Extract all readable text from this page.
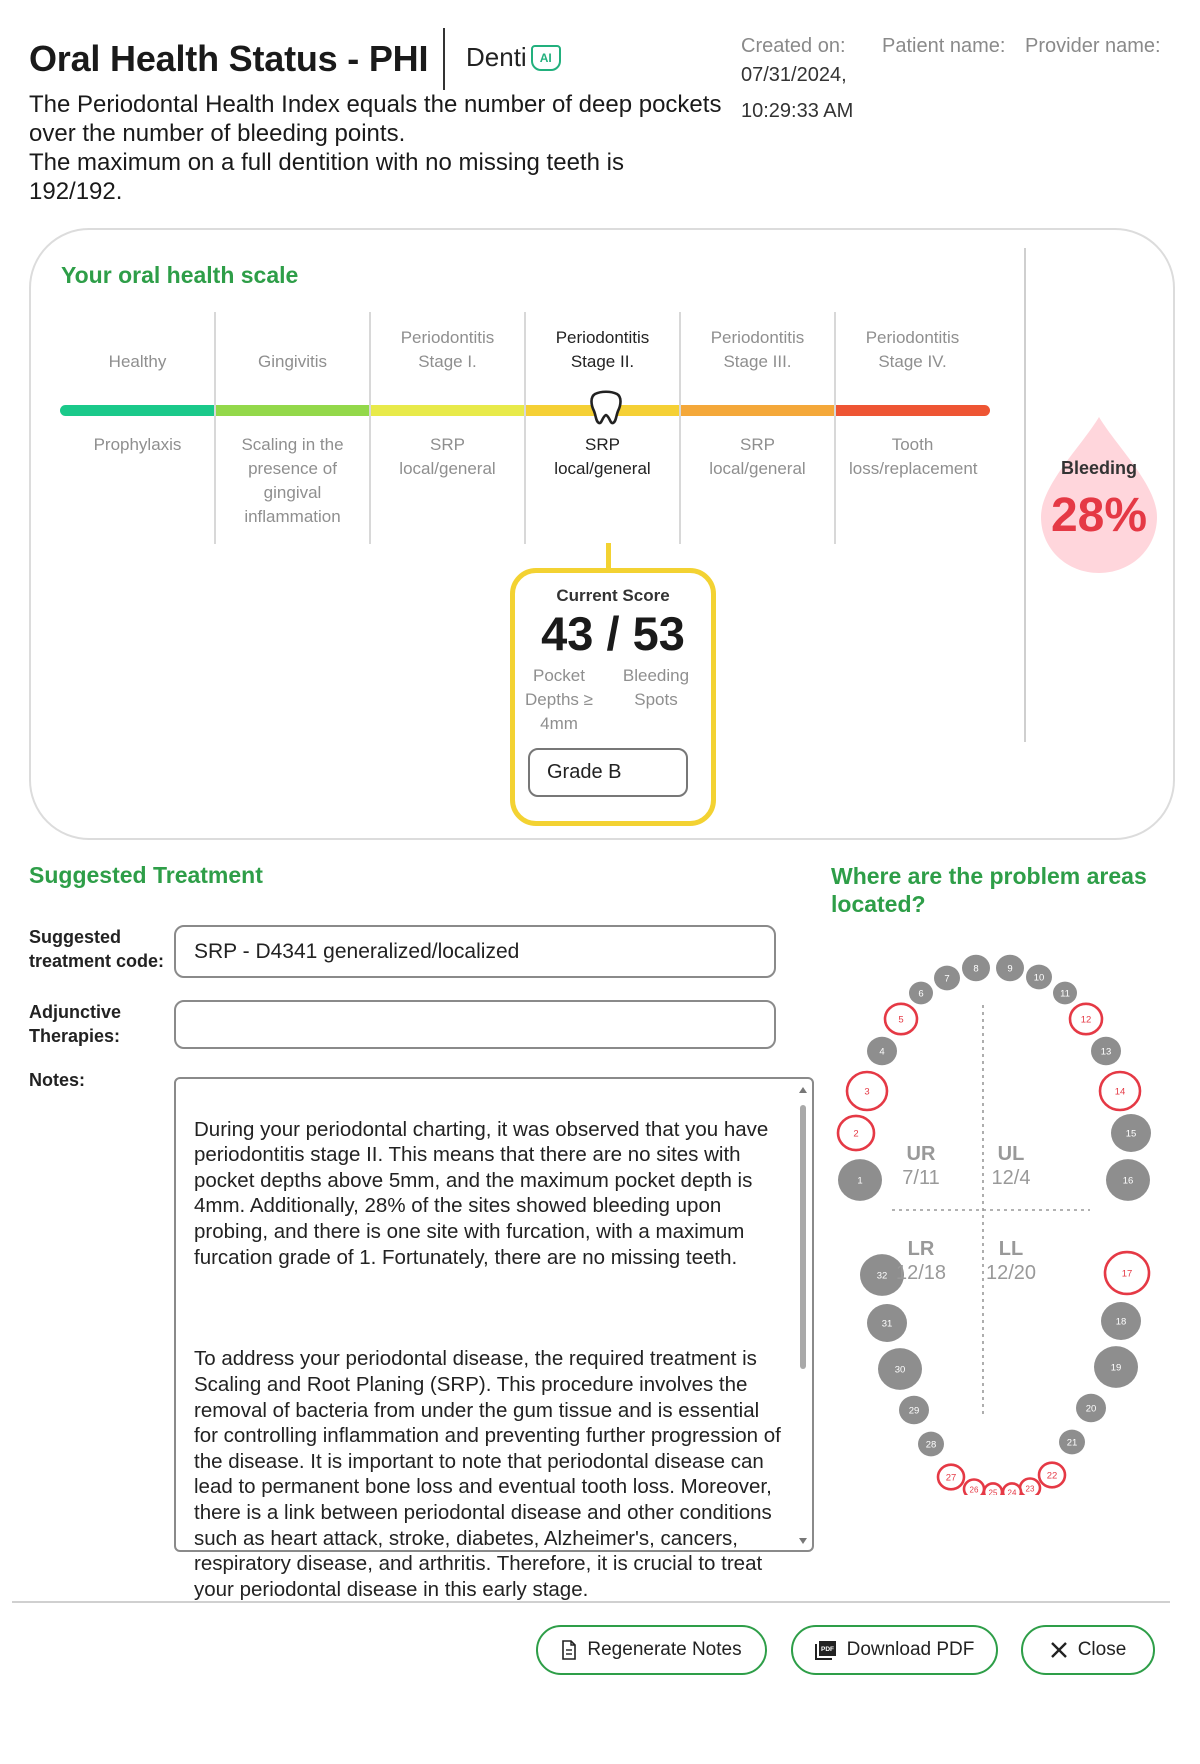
Oral Health Status - PHI Denti	AI
The Periodontal Health Index equals the number of deep pockets over the number of bleeding points.
The maximum on a full dentition with no missing teeth is 192/192.
Created on:
07/31/2024,
10:29:33 AM
Patient name: Provider name:
Your oral health scale
Healthy
Prophylaxis
Gingivitis
Scaling in the presence of gingival inflammation
Periodontitis Stage I.
SRP local/general
Periodontitis Stage II.
SRP local/general
Periodontitis Stage III.
SRP local/general
Periodontitis Stage IV.
Tooth loss/replacement	Bleeding
28%
Current Score
43 / 53
Pocket Depths ≥ 4mm
Bleeding Spots
Grade B
Suggested Treatment
Suggested treatment code:
SRP - D4341 generalized/localized
Adjunctive Therapies:
Notes:

During your periodontal charting, it was observed that you have periodontitis stage II. This means that there are no sites with pocket depths above 5mm, and the maximum pocket depth is 4mm. Additionally, 28% of the sites showed bleeding upon probing, and there is one site with furcation, with a maximum furcation grade of 1. Fortunately, there are no missing teeth.

To address your periodontal disease, the required treatment is Scaling and Root Planing (SRP). This procedure involves the removal of bacteria from under the gum tissue and is essential for controlling inflammation and preventing further progression of the disease. It is important to note that periodontal disease can lead to permanent bone loss and eventual tooth loss. Moreover, there is a link between periodontal disease and other conditions such as heart attack, stroke, diabetes, Alzheimer's, cancers, respiratory disease, and arthritis. Therefore, it is crucial to treat your periodontal disease in this early stage.

Where are the problem areas located?
1
2
3
4
5
6
7
8	9
10
11
12
13
14
15
16
17
18
19
20
21
22
23
24
25
26
27
28
29
30
31
32
UR
7/11
UL
12/4
LR
12/18
LL
12/20
Regenerate Notes	PDF Download PDF	Close
